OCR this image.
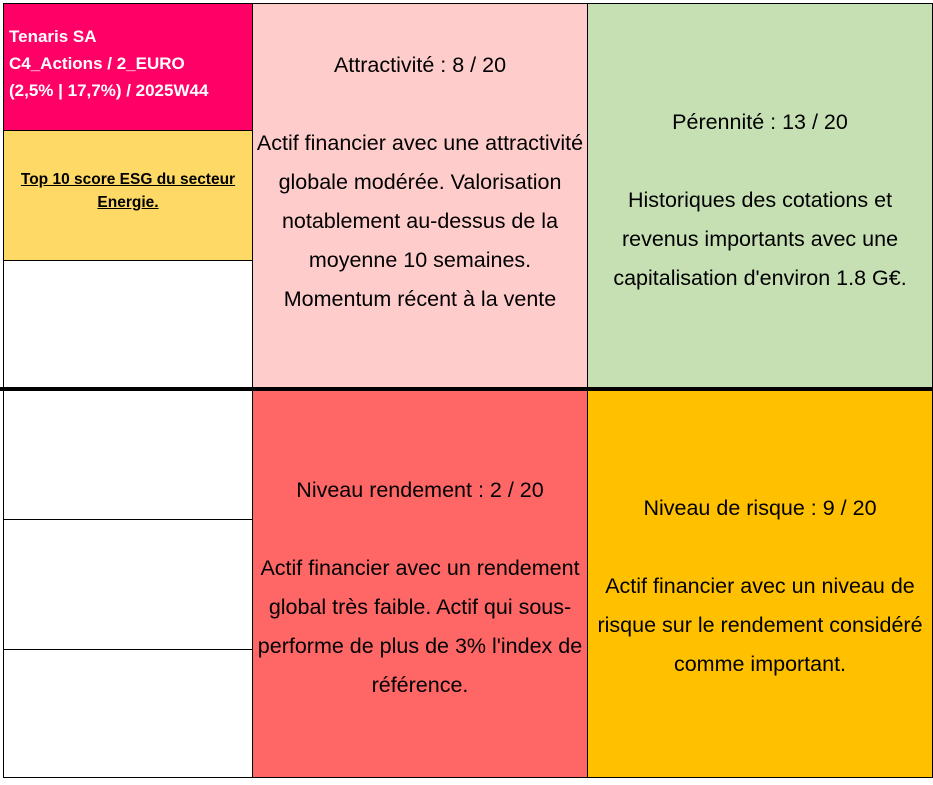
Tenaris SA
C4_Actions / 2_EURO
(2,5% | 17,7%) / 2025W44
Top 10 score ESG du secteur Energie.
Attractivité : 8 / 20
Actif financier avec une attractivité globale modérée. Valorisation notablement au-dessus de la moyenne 10 semaines. Momentum récent à la vente
Pérennité : 13 / 20
Historiques des cotations et revenus importants avec une capitalisation d'environ 1.8 G€.
Niveau rendement : 2 / 20
Actif financier avec un rendement global très faible. Actif qui sous-performe de plus de 3% l'index de référence.
Niveau de risque : 9 / 20
Actif financier avec un niveau de risque sur le rendement considéré comme important.
